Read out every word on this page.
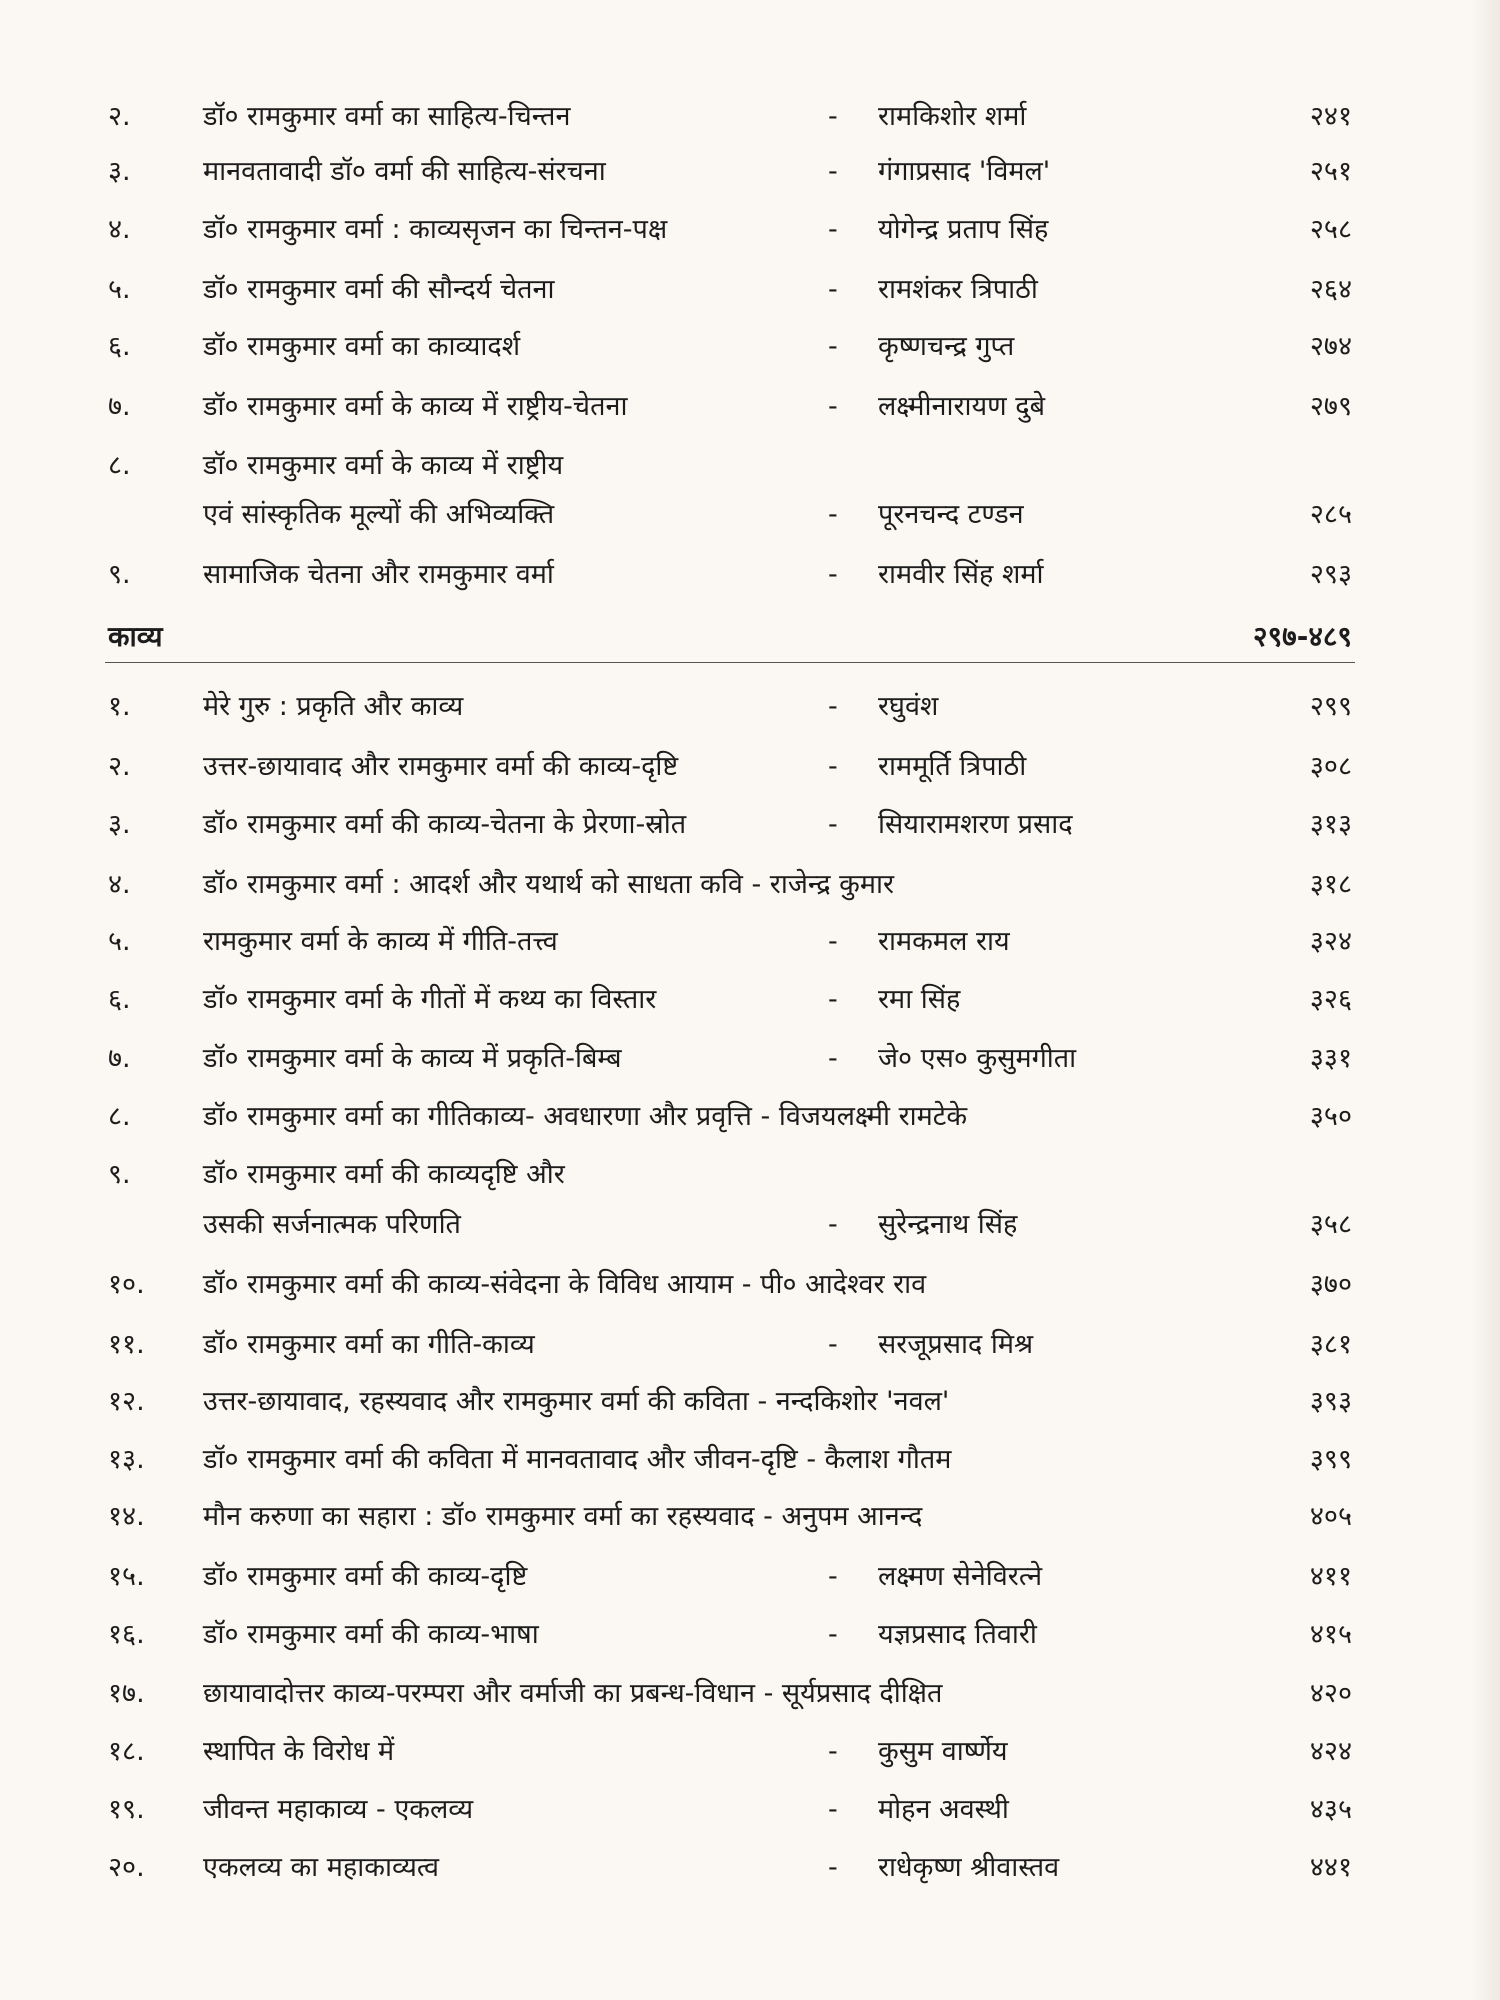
२.	डॉ० रामकुमार वर्मा का साहित्य-चिन्तन	- रामकिशोर शर्मा	२४१
३.	मानवतावादी डॉ० वर्मा की साहित्य-संरचना	- गंगाप्रसाद 'विमल'	२५१
४.	डॉ० रामकुमार वर्मा : काव्यसृजन का चिन्तन-पक्ष	- योगेन्द्र प्रताप सिंह	२५८
५.	डॉ० रामकुमार वर्मा की सौन्दर्य चेतना	- रामशंकर त्रिपाठी	२६४
६.	डॉ० रामकुमार वर्मा का काव्यादर्श	- कृष्णचन्द्र गुप्त	२७४
७.	डॉ० रामकुमार वर्मा के काव्य में राष्ट्रीय-चेतना	- लक्ष्मीनारायण दुबे	२७९
८.	डॉ० रामकुमार वर्मा के काव्य में राष्ट्रीय
एवं सांस्कृतिक मूल्यों की अभिव्यक्ति	- पूरनचन्द टण्डन	२८५
९.	सामाजिक चेतना और रामकुमार वर्मा	- रामवीर सिंह शर्मा	२९३
काव्य	२९७-४८९
१.	मेरे गुरु : प्रकृति और काव्य	- रघुवंश	२९९
२.	उत्तर-छायावाद और रामकुमार वर्मा की काव्य-दृष्टि	- राममूर्ति त्रिपाठी	३०८
३.	डॉ० रामकुमार वर्मा की काव्य-चेतना के प्रेरणा-स्रोत	- सियारामशरण प्रसाद	३१३
४.	डॉ० रामकुमार वर्मा : आदर्श और यथार्थ को साधता कवि - राजेन्द्र कुमार	३१८
५.	रामकुमार वर्मा के काव्य में गीति-तत्त्व	- रामकमल राय	३२४
६.	डॉ० रामकुमार वर्मा के गीतों में कथ्य का विस्तार	- रमा सिंह	३२६
७.	डॉ० रामकुमार वर्मा के काव्य में प्रकृति-बिम्ब	- जे० एस० कुसुमगीता	३३१
८.	डॉ० रामकुमार वर्मा का गीतिकाव्य- अवधारणा और प्रवृत्ति - विजयलक्ष्मी रामटेके	३५०
९.	डॉ० रामकुमार वर्मा की काव्यदृष्टि और
उसकी सर्जनात्मक परिणति	- सुरेन्द्रनाथ सिंह	३५८
१०. डॉ० रामकुमार वर्मा की काव्य-संवेदना के विविध आयाम - पी० आदेश्वर राव	३७०
११. डॉ० रामकुमार वर्मा का गीति-काव्य	- सरजूप्रसाद मिश्र	३८१
१२. उत्तर-छायावाद, रहस्यवाद और रामकुमार वर्मा की कविता - नन्दकिशोर 'नवल'	३९३
१३. डॉ० रामकुमार वर्मा की कविता में मानवतावाद और जीवन-दृष्टि - कैलाश गौतम	३९९
१४. मौन करुणा का सहारा : डॉ० रामकुमार वर्मा का रहस्यवाद - अनुपम आनन्द	४०५
१५. डॉ० रामकुमार वर्मा की काव्य-दृष्टि	- लक्ष्मण सेनेविरत्ने	४११
१६. डॉ० रामकुमार वर्मा की काव्य-भाषा	- यज्ञप्रसाद तिवारी	४१५
१७. छायावादोत्तर काव्य-परम्परा और वर्माजी का प्रबन्ध-विधान - सूर्यप्रसाद दीक्षित	४२०
१८. स्थापित के विरोध में	- कुसुम वार्ष्णेय	४२४
१९. जीवन्त महाकाव्य - एकलव्य	- मोहन अवस्थी	४३५
२०. एकलव्य का महाकाव्यत्व	- राधेकृष्ण श्रीवास्तव	४४१
